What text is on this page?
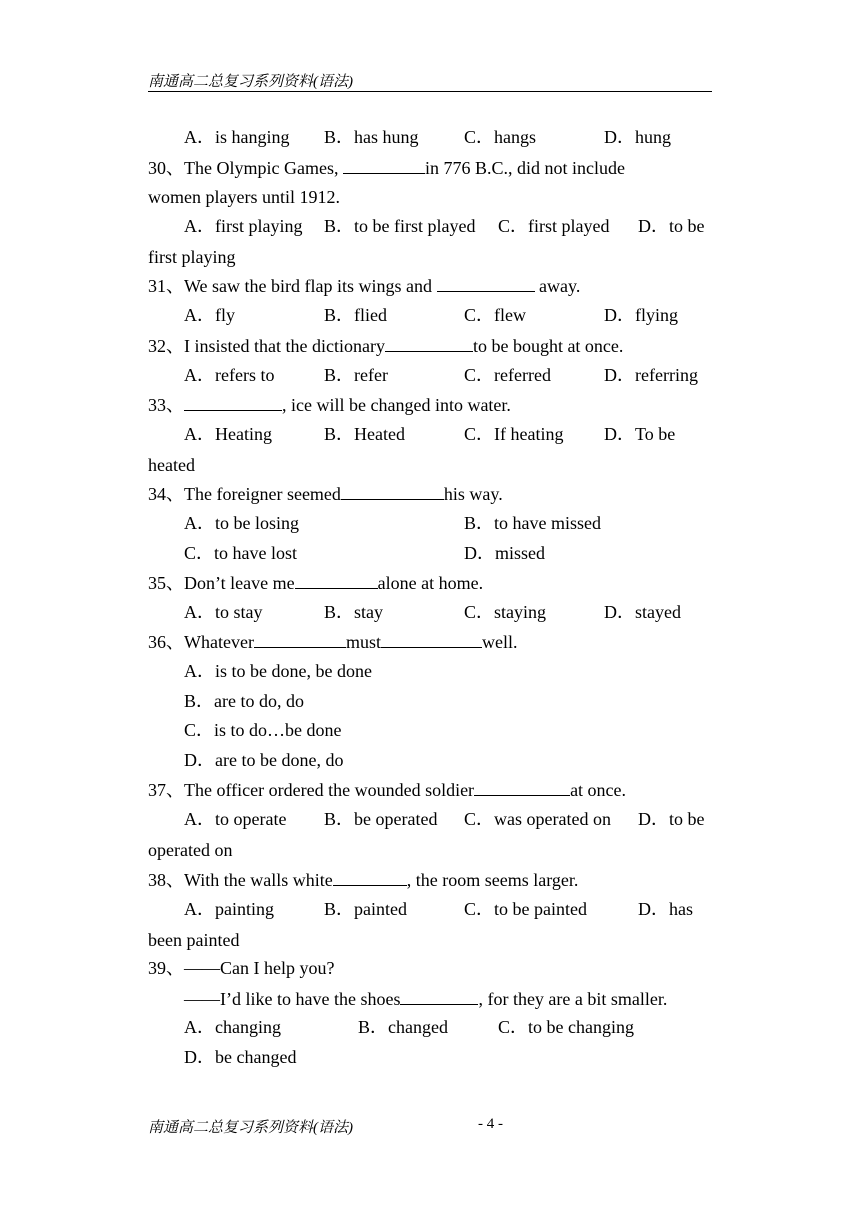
南通高二总复习系列资料(语法)
A．is hanging B．has hung	C．hangs	D．hung
30、The Olympic Games,	in 776 B.C., did not include
women players until 1912.
A．first playing B．to be first played C．first played D．to be
first playing
31、We saw the bird flap its wings and	away.
A．fly	B．flied	C．flew	D．flying
32、I insisted that the dictionary	to be bought at once.
A．refers to	B．refer	C．referred	D．referring
33、	, ice will be changed into water.
A．Heating	B．Heated	C．If heating D．To be
heated
34、The foreigner seemed	his way.
A．to be losing	B．to have missed
C．to have lost	D．missed
35、Don’t leave me	alone at home.
A．to stay	B．stay	C．staying	D．stayed
36、Whatever	must	well.
A．is to be done, be done
B．are to do, do
C．is to do…be done
D．are to be done, do
37、The officer ordered the wounded soldier	at once.
A．to operate B．be operated C．was operated on D．to be
operated on
38、With the walls white	, the room seems larger.
A．painting	B．painted	C．to be painted	D．has
been painted
39、——Can I help you?
——I’d like to have the shoes	, for they are a bit smaller.
A．changing	B．changed	C．to be changing
D．be changed
南通高二总复习系列资料(语法)	- 4 -
